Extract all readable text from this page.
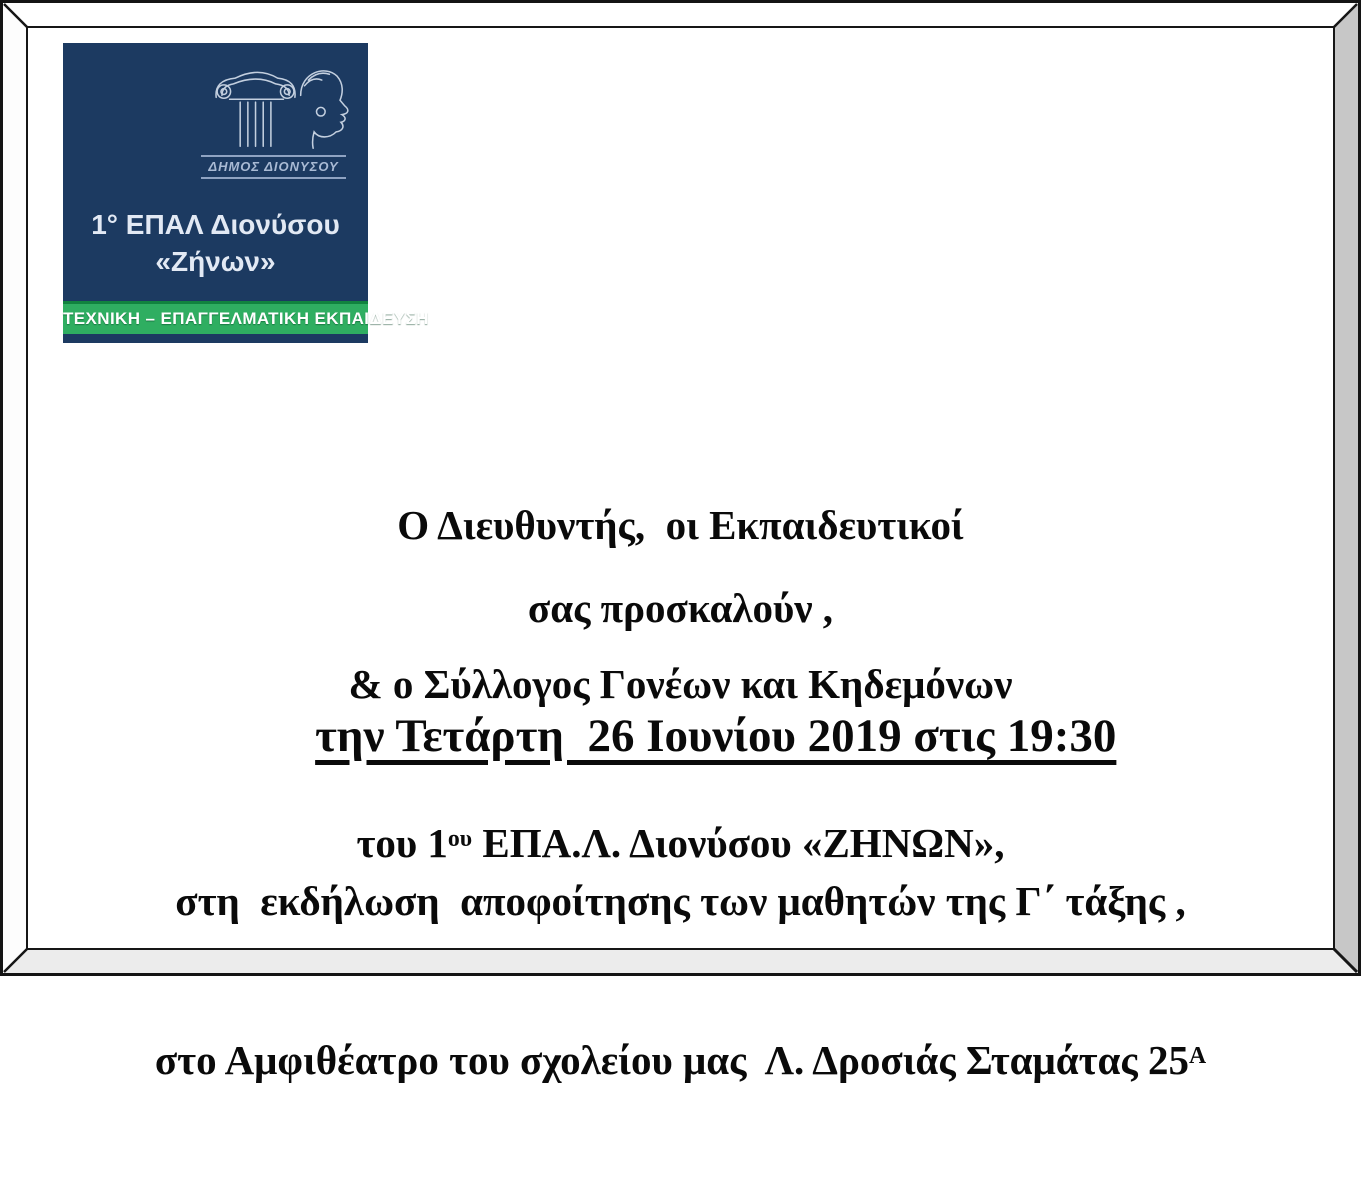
ΔΗΜΟΣ ΔΙΟΝΥΣΟΥ
1° ΕΠΑΛ Διονύσου
«Ζήνων»
ΤΕΧΝΙΚΗ – ΕΠΑΓΓΕΛΜΑΤΙΚΗ ΕΚΠΑΙΔΕΥΣΗ

Ο Διευθυντής,  οι Εκπαιδευτικοί

& ο Σύλλογος Γονέων και Κηδεμόνων

του $1^{o\upsilon}$ ΕΠΑ.Λ. Διονύσου «ΖΗΝΩΝ»,

σας προσκαλούν ,

την Τετάρτη  26 Ιουνίου 2019 στις 19:30

στη  εκδήλωση  αποφοίτησης των μαθητών της Γ΄ τάξης ,

στο Αμφιθέατρο του σχολείου μας  Λ. Δροσιάς Σταμάτας $25^A$
